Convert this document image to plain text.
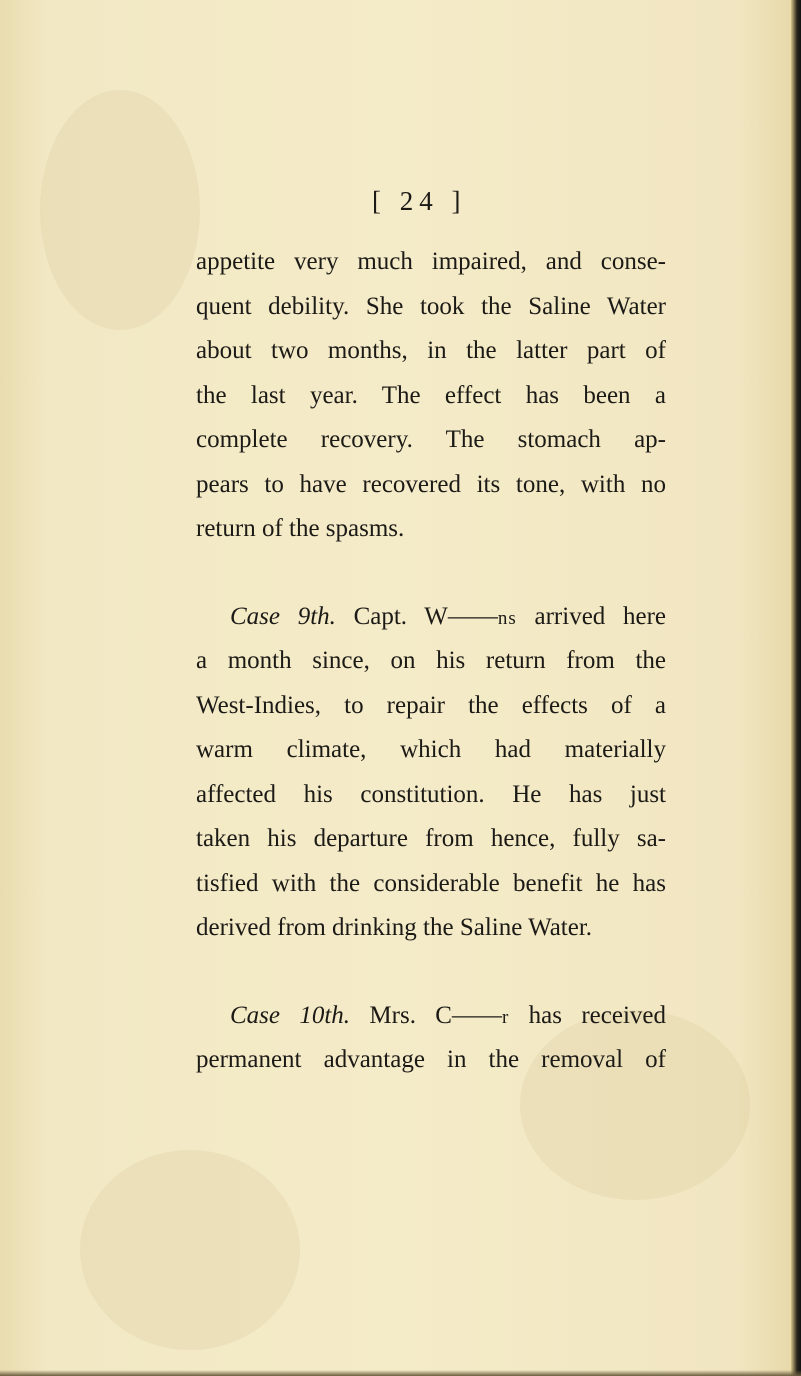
[ 24 ]
appetite very much impaired, and conse-
quent debility. She took the Saline Water
about two months, in the latter part of
the last year. The effect has been a
complete recovery. The stomach ap-
pears to have recovered its tone, with no
return of the spasms.
Case 9th. Capt. W——ns arrived here
a month since, on his return from the
West-Indies, to repair the effects of a
warm climate, which had materially
affected his constitution. He has just
taken his departure from hence, fully sa-
tisfied with the considerable benefit he has
derived from drinking the Saline Water.
Case 10th. Mrs. C——r has received
permanent advantage in the removal of
